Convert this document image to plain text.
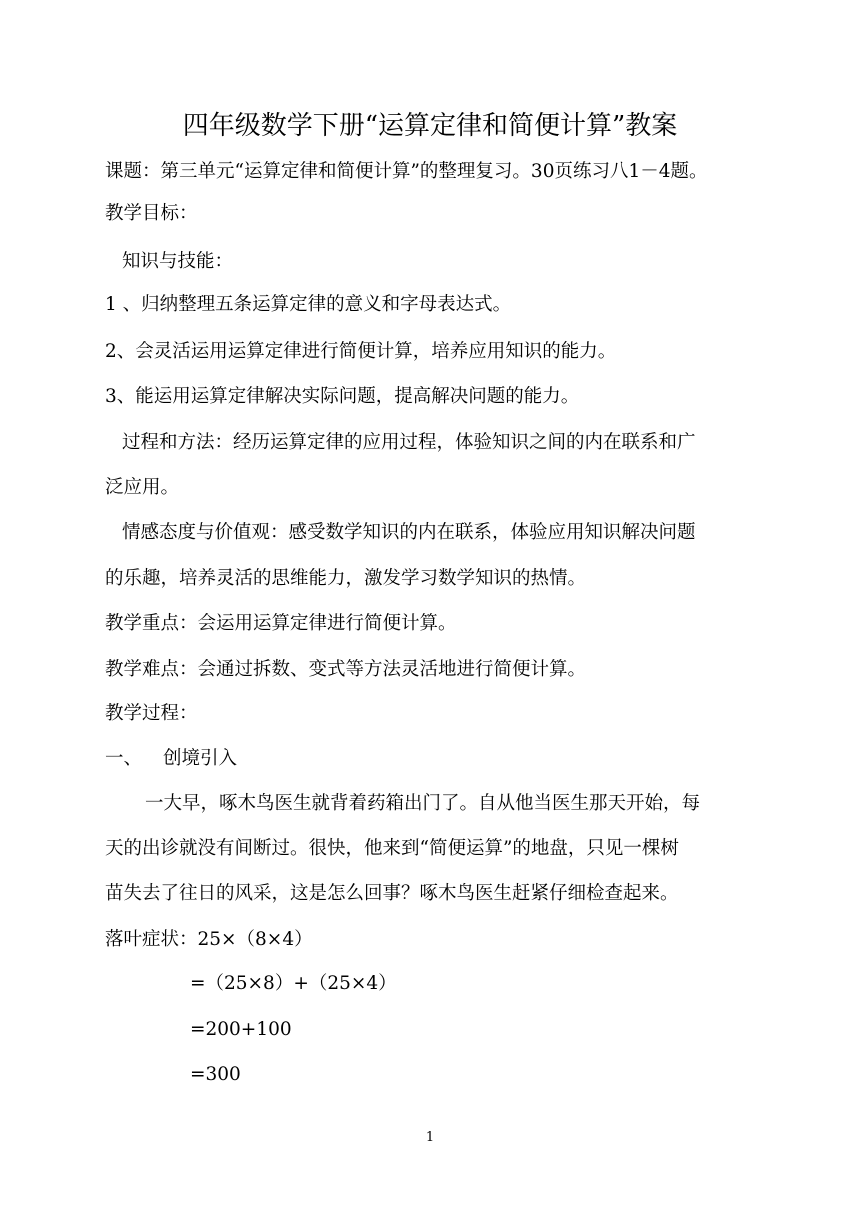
四年级数学下册“运算定律和简便计算”教案
课题：第三单元“运算定律和简便计算”的整理复习。30页练习八1－4题。
教学目标：
知识与技能：
1 、归纳整理五条运算定律的意义和字母表达式。
2、会灵活运用运算定律进行简便计算，培养应用知识的能力。
3、能运用运算定律解决实际问题，提高解决问题的能力。
过程和方法：经历运算定律的应用过程，体验知识之间的内在联系和广
泛应用。
情感态度与价值观：感受数学知识的内在联系，体验应用知识解决问题
的乐趣，培养灵活的思维能力，激发学习数学知识的热情。
教学重点：会运用运算定律进行简便计算。
教学难点：会通过拆数、变式等方法灵活地进行简便计算。
教学过程：
一、 创境引入
一大早，啄木鸟医生就背着药箱出门了。自从他当医生那天开始，每
天的出诊就没有间断过。很快，他来到“简便运算”的地盘，只见一棵树
苗失去了往日的风采，这是怎么回事？啄木鸟医生赶紧仔细检查起来。
落叶症状：25×（8×4）
=（25×8）+（25×4）
=200+100
=300
1
